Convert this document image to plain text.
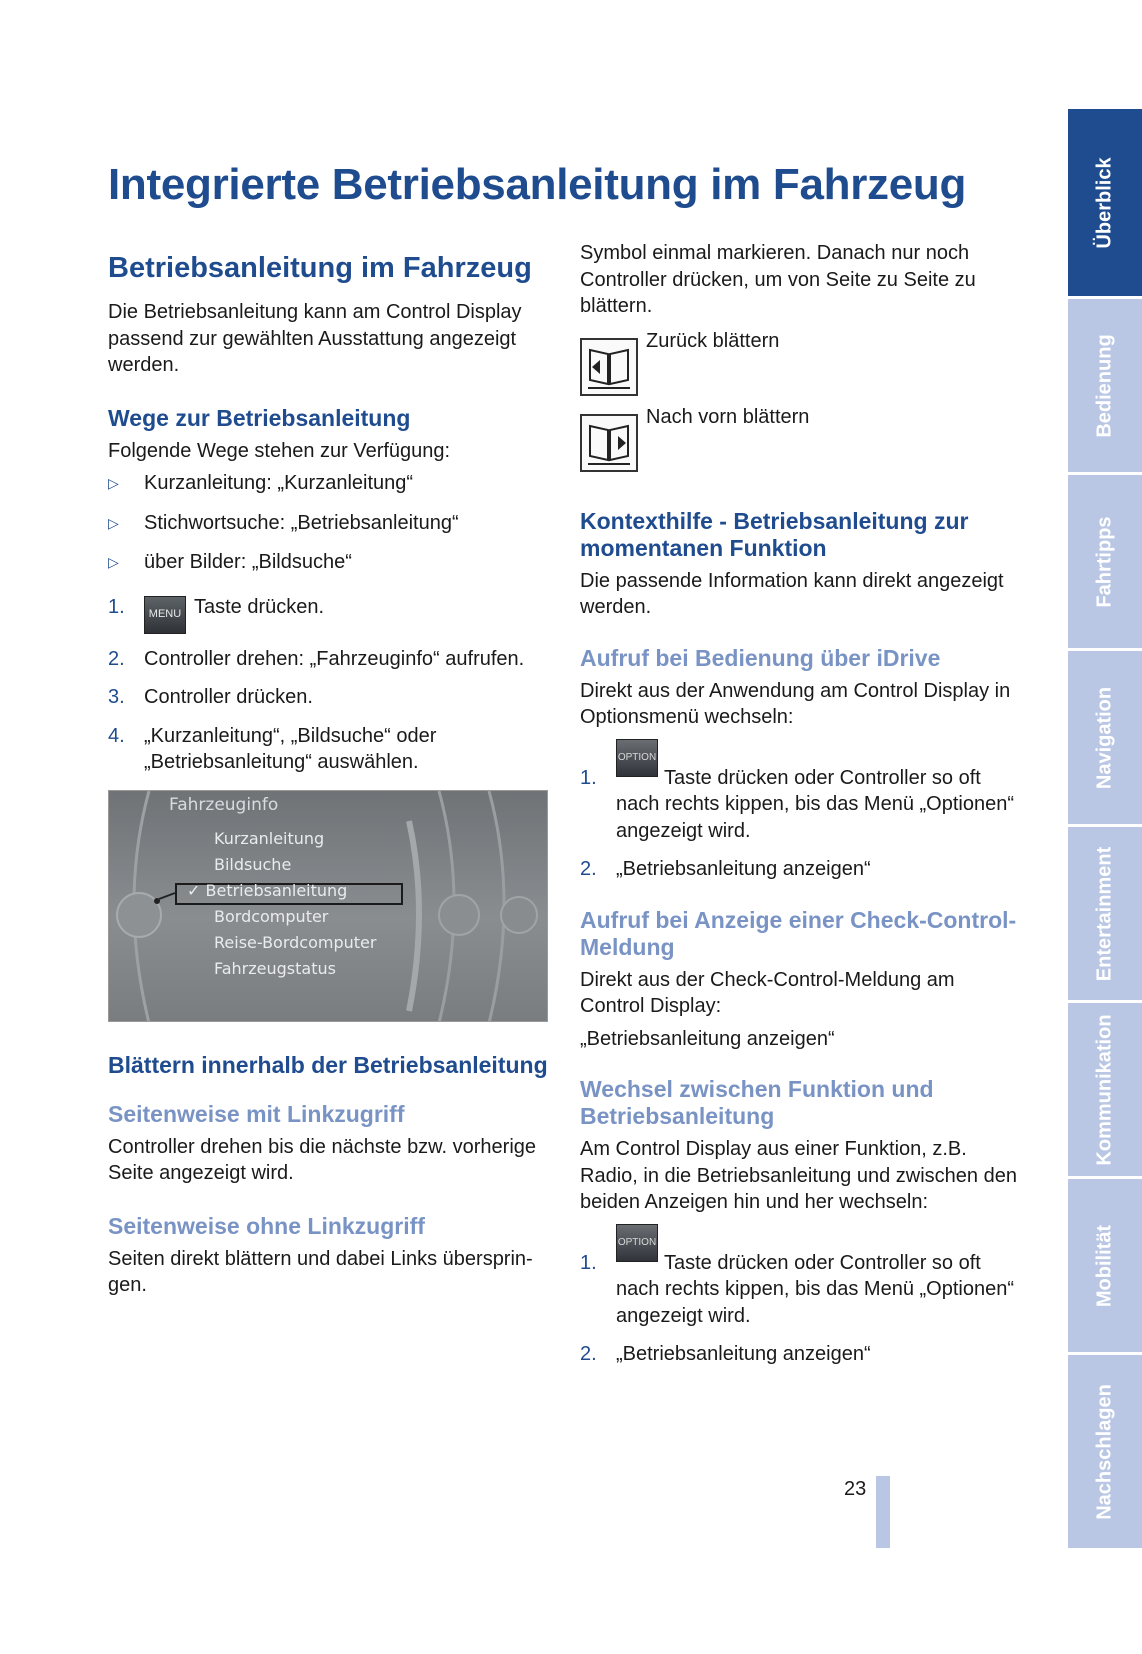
Integrierte Betriebsanleitung im Fahrzeug
Betriebsanleitung im Fahrzeug

Die Betriebsanleitung kann am Control Display passend zur gewählten Ausstattung angezeigt werden.

Wege zur Betriebsanleitung

Folgende Wege stehen zur Verfügung:

▷ Kurzanleitung: „Kurzanleitung“
▷ Stichwortsuche: „Betriebsanleitung“
▷ über Bilder: „Bildsuche“
1. MENU Taste drücken.
2. Controller drehen: „Fahrzeuginfo“ aufrufen.
3. Controller drücken.
4. „Kurzanleitung“, „Bildsuche“ oder „Betriebsanleitung“ auswählen.
Fahrzeuginfo
Kurzanleitung
Bildsuche
✓ Betriebsanleitung
Bordcomputer
Reise-Bordcomputer
Fahrzeugstatus
Blättern innerhalb der Betriebsanleitung
Seitenweise mit Linkzugriff

Controller drehen bis die nächste bzw. vorherige Seite angezeigt wird.

Seitenweise ohne Linkzugriff

Seiten direkt blättern und dabei Links übersprin- gen.

Symbol einmal markieren. Danach nur noch Controller drücken, um von Seite zu Seite zu blättern.

Zurück blättern
Nach vorn blättern
Kontexthilfe - Betriebsanleitung zur momentanen Funktion

Die passende Information kann direkt angezeigt werden.

Aufruf bei Bedienung über iDrive

Direkt aus der Anwendung am Control Display in Optionsmenü wechseln:

1.
OPTION
Taste drücken oder Controller so oft nach rechts kippen, bis das Menü „Optionen“ angezeigt wird.
2. „Betriebsanleitung anzeigen“
Aufruf bei Anzeige einer Check-Control-Meldung

Direkt aus der Check-Control-Meldung am Control Display:

„Betriebsanleitung anzeigen“

Wechsel zwischen Funktion und Betriebsanleitung

Am Control Display aus einer Funktion, z.B. Radio, in die Betriebsanleitung und zwischen den beiden Anzeigen hin und her wechseln:

1.
OPTION
Taste drücken oder Controller so oft nach rechts kippen, bis das Menü „Optionen“ angezeigt wird.
2. „Betriebsanleitung anzeigen“
23
Überblick
Bedienung
Fahrtipps
Navigation
Entertainment
Kommunikation
Mobilität
Nachschlagen
